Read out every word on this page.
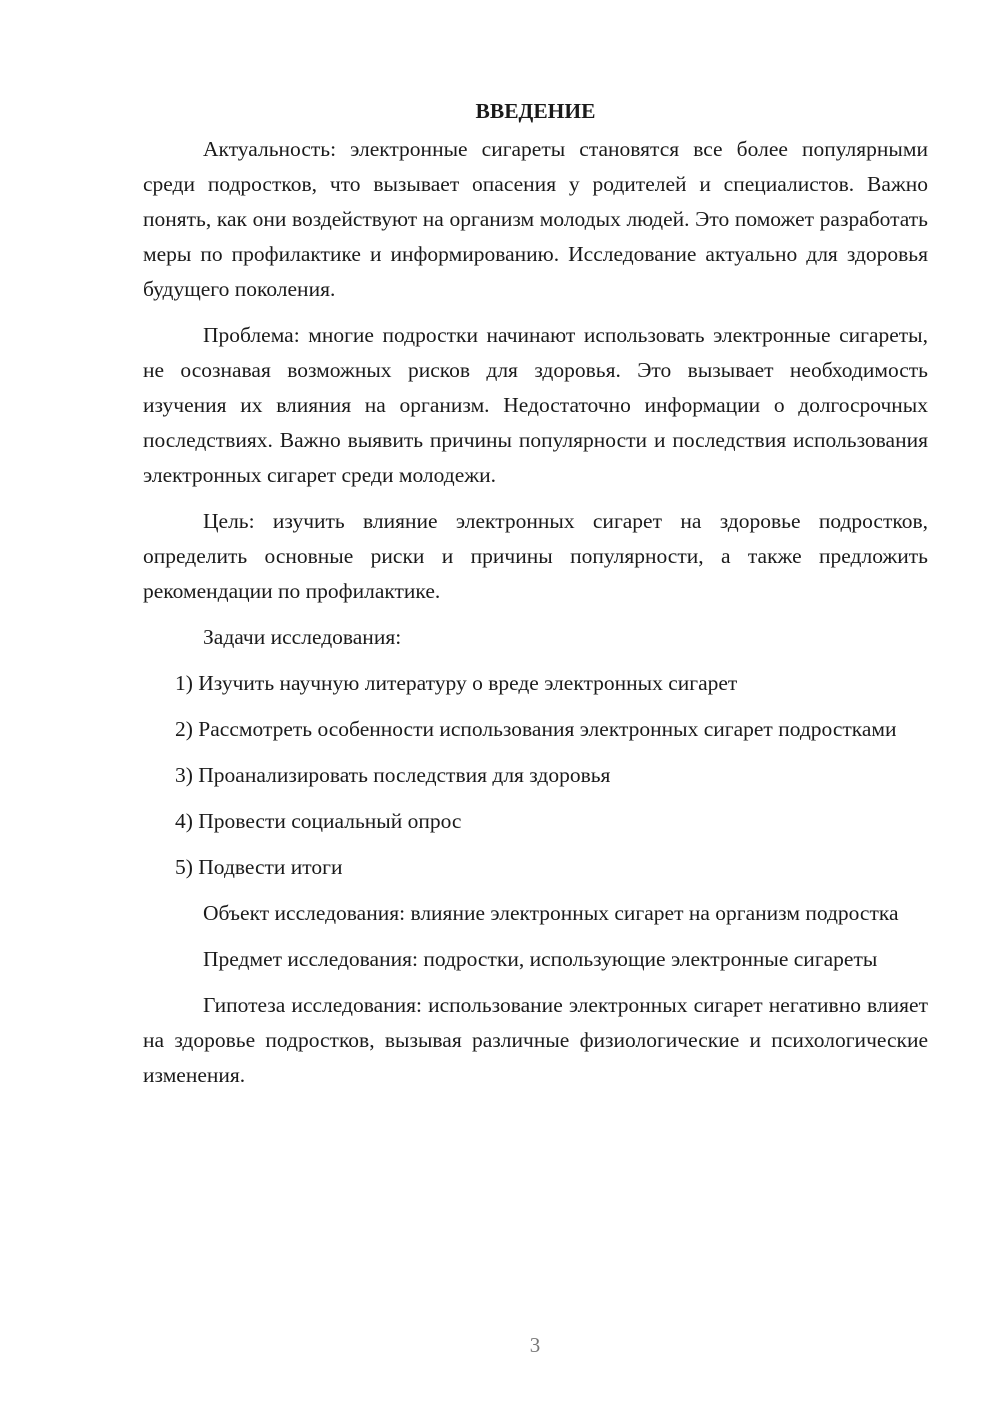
ВВЕДЕНИЕ

Актуальность: электронные сигареты становятся все более популярными среди подростков, что вызывает опасения у родителей и специалистов. Важно понять, как они воздействуют на организм молодых людей. Это поможет разработать меры по профилактике и информированию. Исследование актуально для здоровья будущего поколения.

Проблема: многие подростки начинают использовать электронные сигареты, не осознавая возможных рисков для здоровья. Это вызывает необходимость изучения их влияния на организм. Недостаточно информации о долгосрочных последствиях. Важно выявить причины популярности и последствия использования электронных сигарет среди молодежи.

Цель: изучить влияние электронных сигарет на здоровье подростков, определить основные риски и причины популярности, а также предложить рекомендации по профилактике.

Задачи исследования:

1) Изучить научную литературу о вреде электронных сигарет

2) Рассмотреть особенности использования электронных сигарет подростками

3) Проанализировать последствия для здоровья

4) Провести социальный опрос

5) Подвести итоги

Объект исследования: влияние электронных сигарет на организм подростка

Предмет исследования: подростки, использующие электронные сигареты

Гипотеза исследования: использование электронных сигарет негативно влияет на здоровье подростков, вызывая различные физиологические и психологические изменения.

3
